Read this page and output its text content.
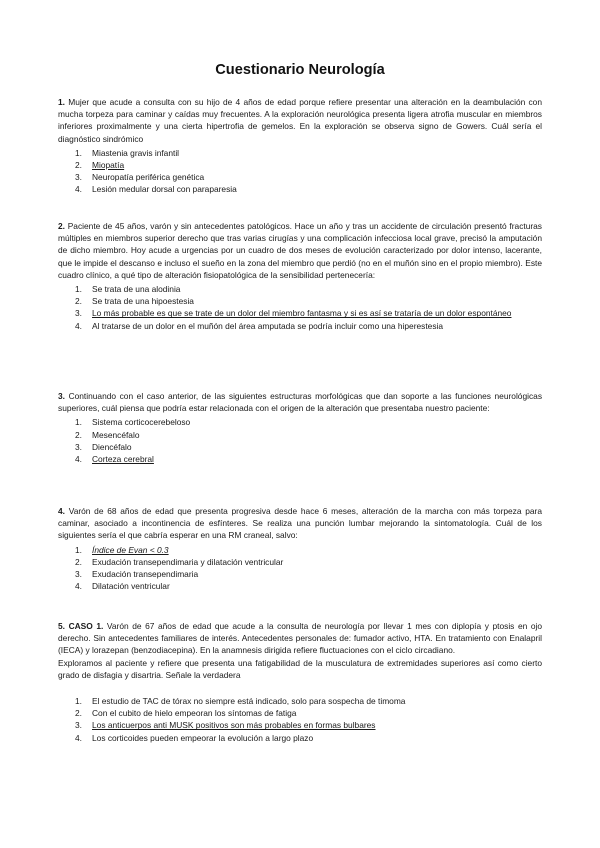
Cuestionario Neurología
1. Mujer que acude a consulta con su hijo de 4 años de edad porque refiere presentar una alteración en la deambulación con mucha torpeza para caminar y caídas muy frecuentes. A la exploración neurológica presenta ligera atrofia muscular en miembros inferiores proximalmente y una cierta hipertrofia de gemelos. En la exploración se observa signo de Gowers. Cuál sería el diagnóstico sindrómico
1. Miastenia gravis infantil
2. Miopatía
3. Neuropatía periférica genética
4. Lesión medular dorsal con paraparesia
2. Paciente de 45 años, varón y sin antecedentes patológicos. Hace un año y tras un accidente de circulación presentó fracturas múltiples en miembros superior derecho que tras varias cirugías y una complicación infecciosa local grave, precisó la amputación de dicho miembro. Hoy acude a urgencias por un cuadro de dos meses de evolución caracterizado por dolor intenso, lacerante, que le impide el descanso e incluso el sueño en la zona del miembro que perdió (no en el muñón sino en el propio miembro). Este cuadro clínico, a qué tipo de alteración fisiopatológica de la sensibilidad pertenecería:
1. Se trata de una alodinia
2. Se trata de una hipoestesia
3. Lo más probable es que se trate de un dolor del miembro fantasma y si es así se trataría de un dolor espontáneo
4. Al tratarse de un dolor en el muñón del área amputada se podría incluir como una hiperestesia
3. Continuando con el caso anterior, de las siguientes estructuras morfológicas que dan soporte a las funciones neurológicas superiores, cuál piensa que podría estar relacionada con el origen de la alteración que presentaba nuestro paciente:
1. Sistema corticocerebeloso
2. Mesencéfalo
3. Diencéfalo
4. Corteza cerebral
4. Varón de 68 años de edad que presenta progresiva desde hace 6 meses, alteración de la marcha con más torpeza para caminar, asociado a incontinencia de esfínteres. Se realiza una punción lumbar mejorando la sintomatología. Cuál de los siguientes sería el que cabría esperar en una RM craneal, salvo:
1. Índice de Evan < 0.3
2. Exudación transependimaria y dilatación ventricular
3. Exudación transependimaria
4. Dilatación ventricular
5. CASO 1. Varón de 67 años de edad que acude a la consulta de neurología por llevar 1 mes con diplopía y ptosis en ojo derecho. Sin antecedentes familiares de interés. Antecedentes personales de: fumador activo, HTA. En tratamiento con Enalapril (IECA) y lorazepan (benzodiacepina). En la anamnesis dirigida refiere fluctuaciones con el ciclo circadiano.
Exploramos al paciente y refiere que presenta una fatigabilidad de la musculatura de extremidades superiores así como cierto grado de disfagia y disartria. Señale la verdadera
1. El estudio de TAC de tórax no siempre está indicado, solo para sospecha de timoma
2. Con el cubito de hielo empeoran los síntomas de fatiga
3. Los anticuerpos anti MUSK positivos son más probables en formas bulbares
4. Los corticoides pueden empeorar la evolución a largo plazo
